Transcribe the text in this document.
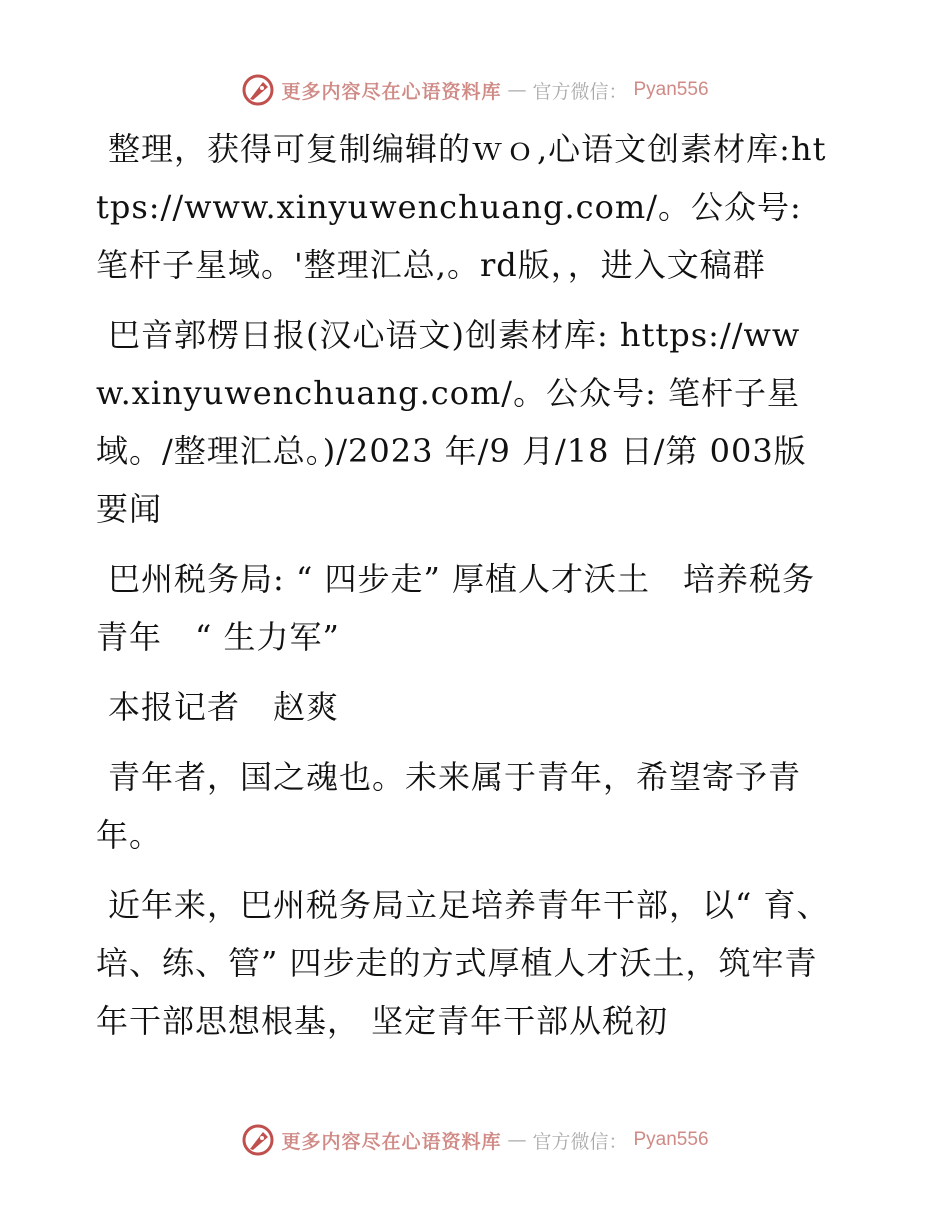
更多内容尽在心语资料库 — 官方微信： Pyan556

整理，获得可复制编辑的ｗｏ,心语文创素材库:https://www.xinyuwenchuang.com/。公众号: 笔杆子星域。'整理汇总,。rd版，，进入文稿群

巴音郭楞日报(汉心语文)创素材库: https://www.xinyuwenchuang.com/。公众号: 笔杆子星域。/整理汇总。)/2023 年/9 月/18 日/第 003版要闻

巴州税务局: “ 四步走” 厚植人才沃土　培养税务青年　“ 生力军”

本报记者　赵爽

青年者，国之魂也。未来属于青年，希望寄予青年。

近年来，巴州税务局立足培养青年干部，以“ 育、培、练、管” 四步走的方式厚植人才沃土，筑牢青年干部思想根基， 坚定青年干部从税初

更多内容尽在心语资料库 — 官方微信： Pyan556
